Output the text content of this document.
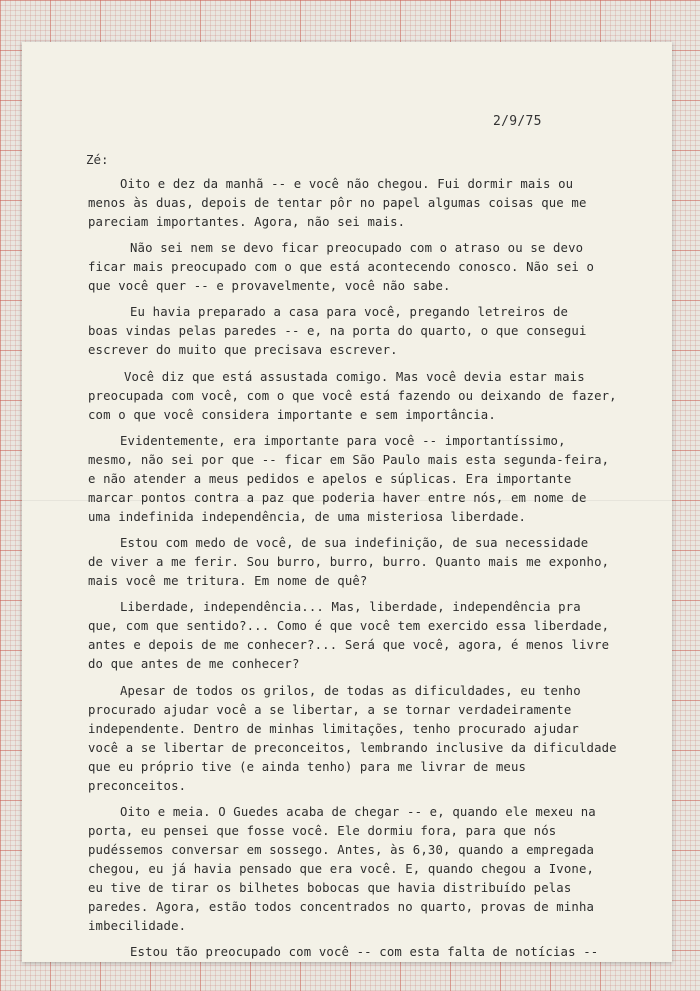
2/9/75
Zé:
Oito e dez da manhã -- e você não chegou. Fui dormir mais ou
menos às duas, depois de tentar pôr no papel algumas coisas que me
pareciam importantes. Agora, não sei mais.
Não sei nem se devo ficar preocupado com o atraso ou se devo
ficar mais preocupado com o que está acontecendo conosco. Não sei o
que você quer -- e provavelmente, você não sabe.
Eu havia preparado a casa para você, pregando letreiros de
boas vindas pelas paredes -- e, na porta do quarto, o que consegui
escrever do muito que precisava escrever.
Você diz que está assustada comigo. Mas você devia estar mais
preocupada com você, com o que você está fazendo ou deixando de fazer,
com o que você considera importante e sem importância.
Evidentemente, era importante para você -- importantíssimo,
mesmo, não sei por que -- ficar em São Paulo mais esta segunda-feira,
e não atender a meus pedidos e apelos e súplicas. Era importante
marcar pontos contra a paz que poderia haver entre nós, em nome de
uma indefinida independência, de uma misteriosa liberdade.
Estou com medo de você, de sua indefinição, de sua necessidade
de viver a me ferir. Sou burro, burro, burro. Quanto mais me exponho,
mais você me tritura. Em nome de quê?
Liberdade, independência... Mas, liberdade, independência pra
que, com que sentido?... Como é que você tem exercido essa liberdade,
antes e depois de me conhecer?... Será que você, agora, é menos livre
do que antes de me conhecer?
Apesar de todos os grilos, de todas as dificuldades, eu tenho
procurado ajudar você a se libertar, a se tornar verdadeiramente
independente. Dentro de minhas limitações, tenho procurado ajudar
você a se libertar de preconceitos, lembrando inclusive da dificuldade
que eu próprio tive (e ainda tenho) para me livrar de meus
preconceitos.
Oito e meia. O Guedes acaba de chegar -- e, quando ele mexeu na
porta, eu pensei que fosse você. Ele dormiu fora, para que nós
pudéssemos conversar em sossego. Antes, às 6,30, quando a empregada
chegou, eu já havia pensado que era você. E, quando chegou a Ivone,
eu tive de tirar os bilhetes bobocas que havia distribuído pelas
paredes. Agora, estão todos concentrados no quarto, provas de minha
imbecilidade.
Estou tão preocupado com você -- com esta falta de notícias --
